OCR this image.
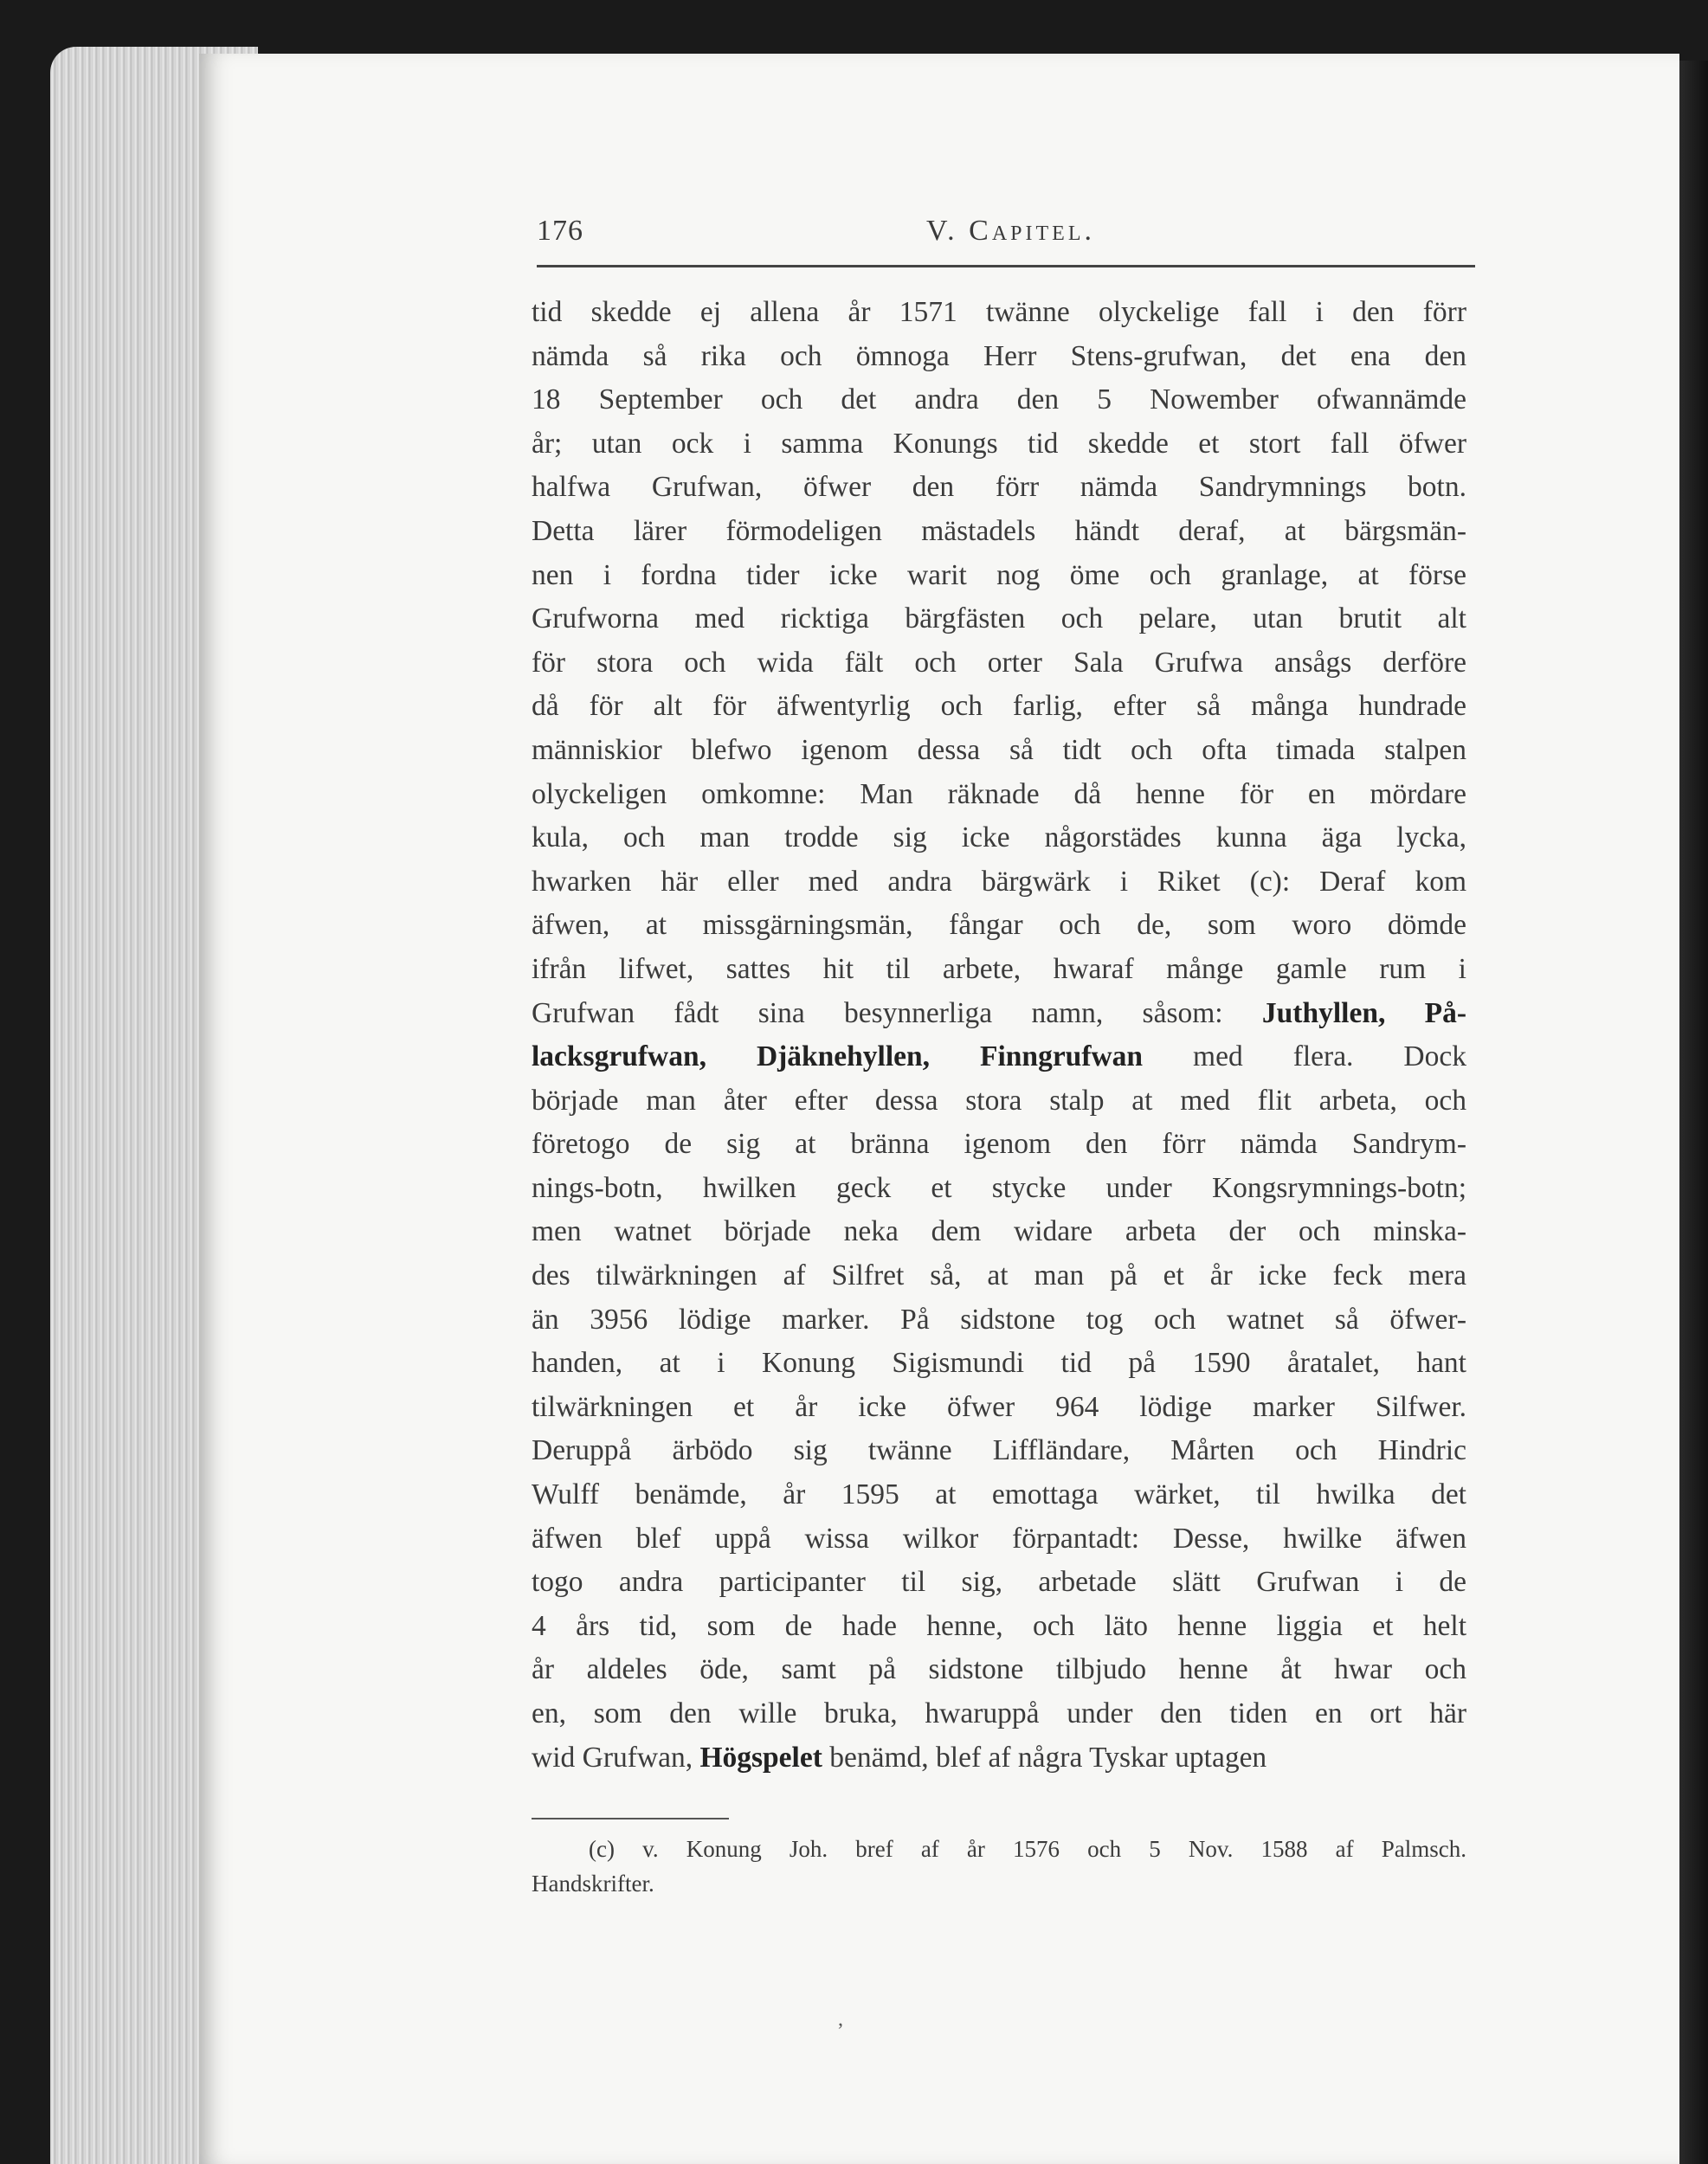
176	V. Capitel.
tid skedde ej allena år 1571 twänne olyckelige fall i den förr
nämda så rika och ömnoga Herr Stens-grufwan, det ena den
18 September och det andra den 5 Nowember ofwannämde
år; utan ock i samma Konungs tid skedde et stort fall öfwer
halfwa Grufwan, öfwer den förr nämda Sandrymnings botn.
Detta lärer förmodeligen mästadels händt deraf, at bärgsmän-
nen i fordna tider icke warit nog öme och granlage, at förse
Grufworna med ricktiga bärgfästen och pelare, utan brutit alt
för stora och wida fält och orter Sala Grufwa ansågs derföre
då för alt för äfwentyrlig och farlig, efter så många hundrade
människior blefwo igenom dessa så tidt och ofta timada stalpen
olyckeligen omkomne: Man räknade då henne för en mördare
kula, och man trodde sig icke någorstädes kunna äga lycka,
hwarken här eller med andra bärgwärk i Riket (c): Deraf kom
äfwen, at missgärningsmän, fångar och de, som woro dömde
ifrån lifwet, sattes hit til arbete, hwaraf månge gamle rum i
Grufwan fådt sina besynnerliga namn, såsom: Juthyllen, På-
lacksgrufwan, Djäknehyllen, Finngrufwan med flera. Dock
började man åter efter dessa stora stalp at med flit arbeta, och
företogo de sig at bränna igenom den förr nämda Sandrym-
nings-botn, hwilken geck et stycke under Kongsrymnings-botn;
men watnet började neka dem widare arbeta der och minska-
des tilwärkningen af Silfret så, at man på et år icke feck mera
än 3956 lödige marker. På sidstone tog och watnet så öfwer-
handen, at i Konung Sigismundi tid på 1590 åratalet, hant
tilwärkningen et år icke öfwer 964 lödige marker Silfwer.
Deruppå ärbödo sig twänne Liffländare, Mårten och Hindric
Wulff benämde, år 1595 at emottaga wärket, til hwilka det
äfwen blef uppå wissa wilkor förpantadt: Desse, hwilke äfwen
togo andra participanter til sig, arbetade slätt Grufwan i de
4 års tid, som de hade henne, och läto henne liggia et helt
år aldeles öde, samt på sidstone tilbjudo henne åt hwar och
en, som den wille bruka, hwaruppå under den tiden en ort här
wid Grufwan, Högspelet benämd, blef af några Tyskar uptagen
(c) v. Konung Joh. bref af år 1576 och 5 Nov. 1588 af Palmsch.
Handskrifter.
,
